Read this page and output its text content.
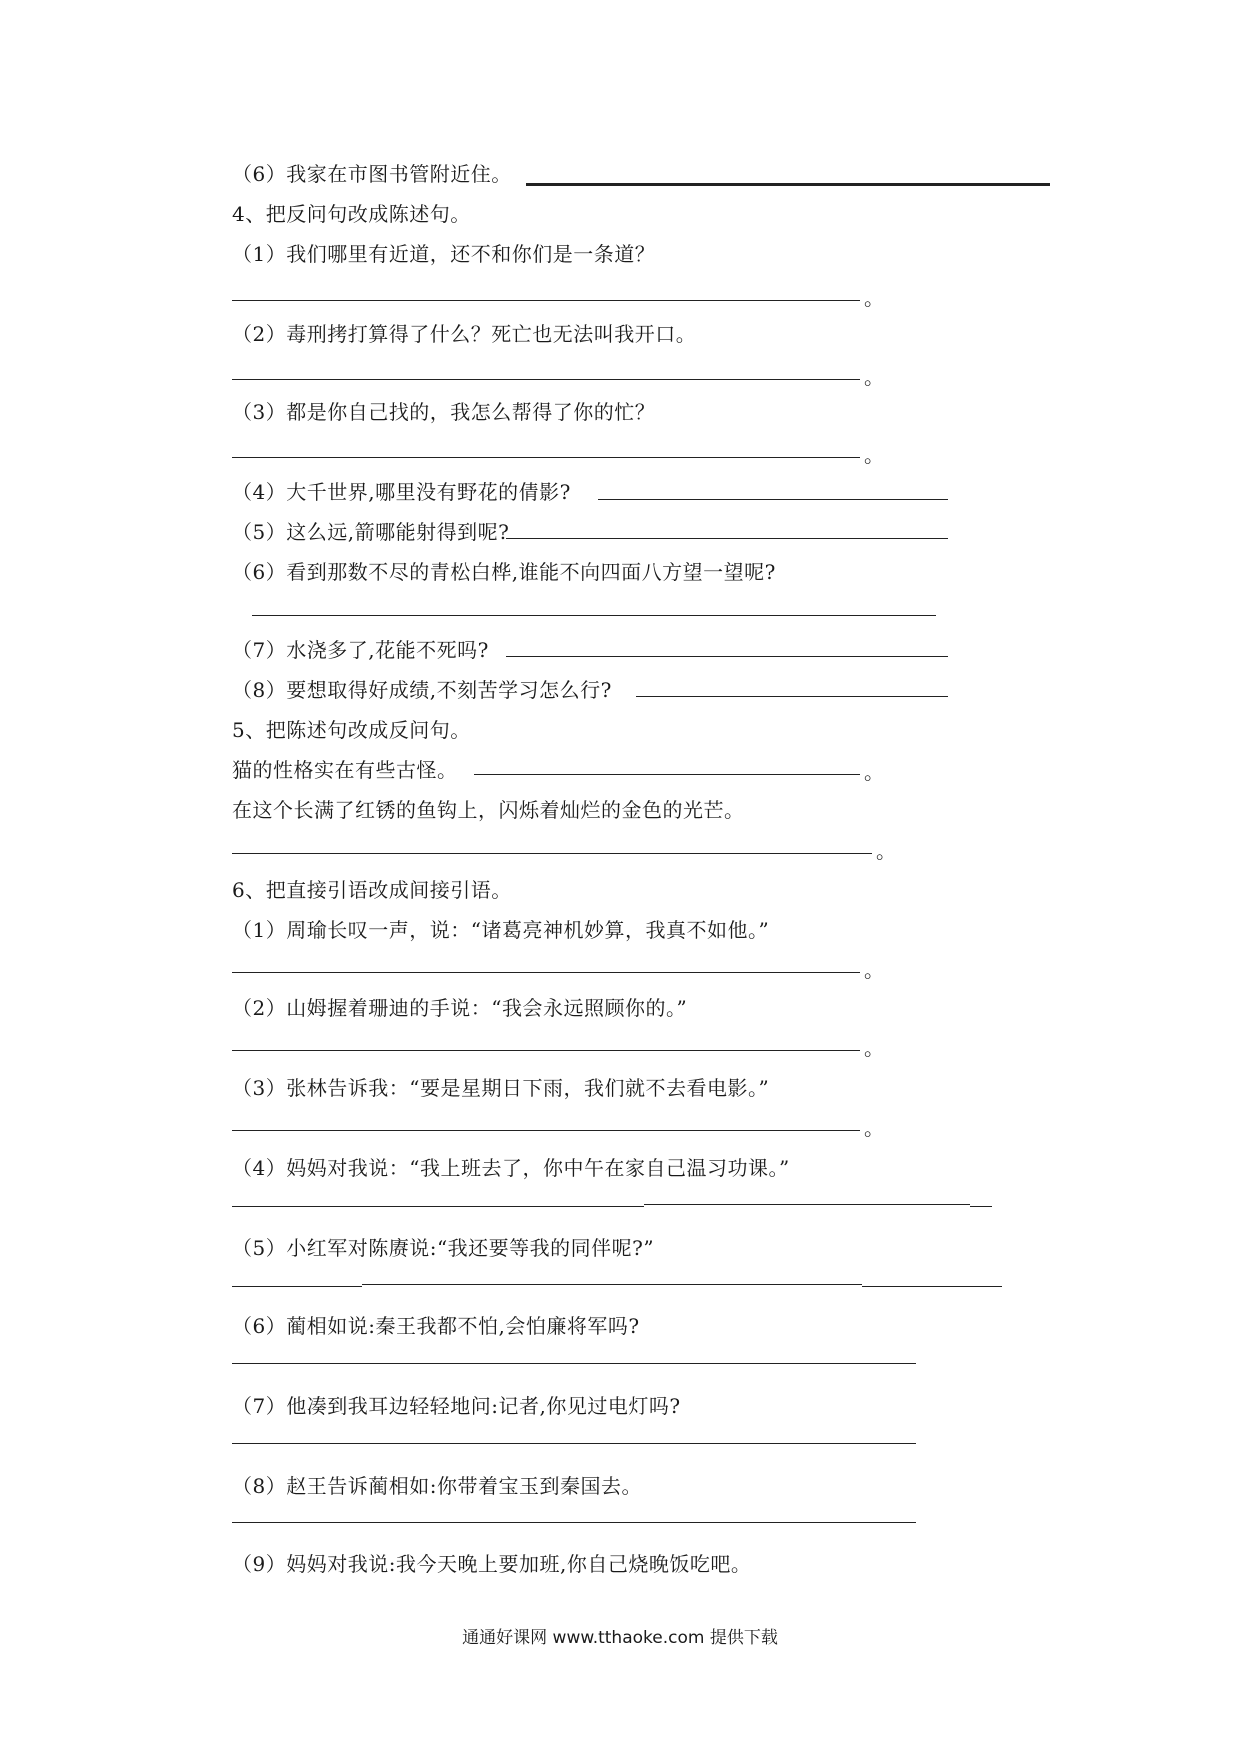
（6）我家在市图书管附近住。
4、把反问句改成陈述句。
（1）我们哪里有近道，还不和你们是一条道？
（2）毒刑拷打算得了什么？死亡也无法叫我开口。
（3）都是你自己找的，我怎么帮得了你的忙？
（4）大千世界,哪里没有野花的倩影?
（5）这么远,箭哪能射得到呢?
（6）看到那数不尽的青松白桦,谁能不向四面八方望一望呢?
（7）水浇多了,花能不死吗?
（8）要想取得好成绩,不刻苦学习怎么行?
5、把陈述句改成反问句。
猫的性格实在有些古怪。
在这个长满了红锈的鱼钩上，闪烁着灿烂的金色的光芒。
6、把直接引语改成间接引语。
（1）周瑜长叹一声，说：“诸葛亮神机妙算，我真不如他。”
（2）山姆握着珊迪的手说：“我会永远照顾你的。”
（3）张林告诉我：“要是星期日下雨，我们就不去看电影。”
（4）妈妈对我说：“我上班去了，你中午在家自己温习功课。”
（5）小红军对陈赓说:“我还要等我的同伴呢?”
（6）蔺相如说:秦王我都不怕,会怕廉将军吗?
（7）他凑到我耳边轻轻地问:记者,你见过电灯吗?
（8）赵王告诉蔺相如:你带着宝玉到秦国去。
（9）妈妈对我说:我今天晚上要加班,你自己烧晚饭吃吧。
。
。
。
。
。
。
。
。
通通好课网 www.tthaoke.com 提供下载
